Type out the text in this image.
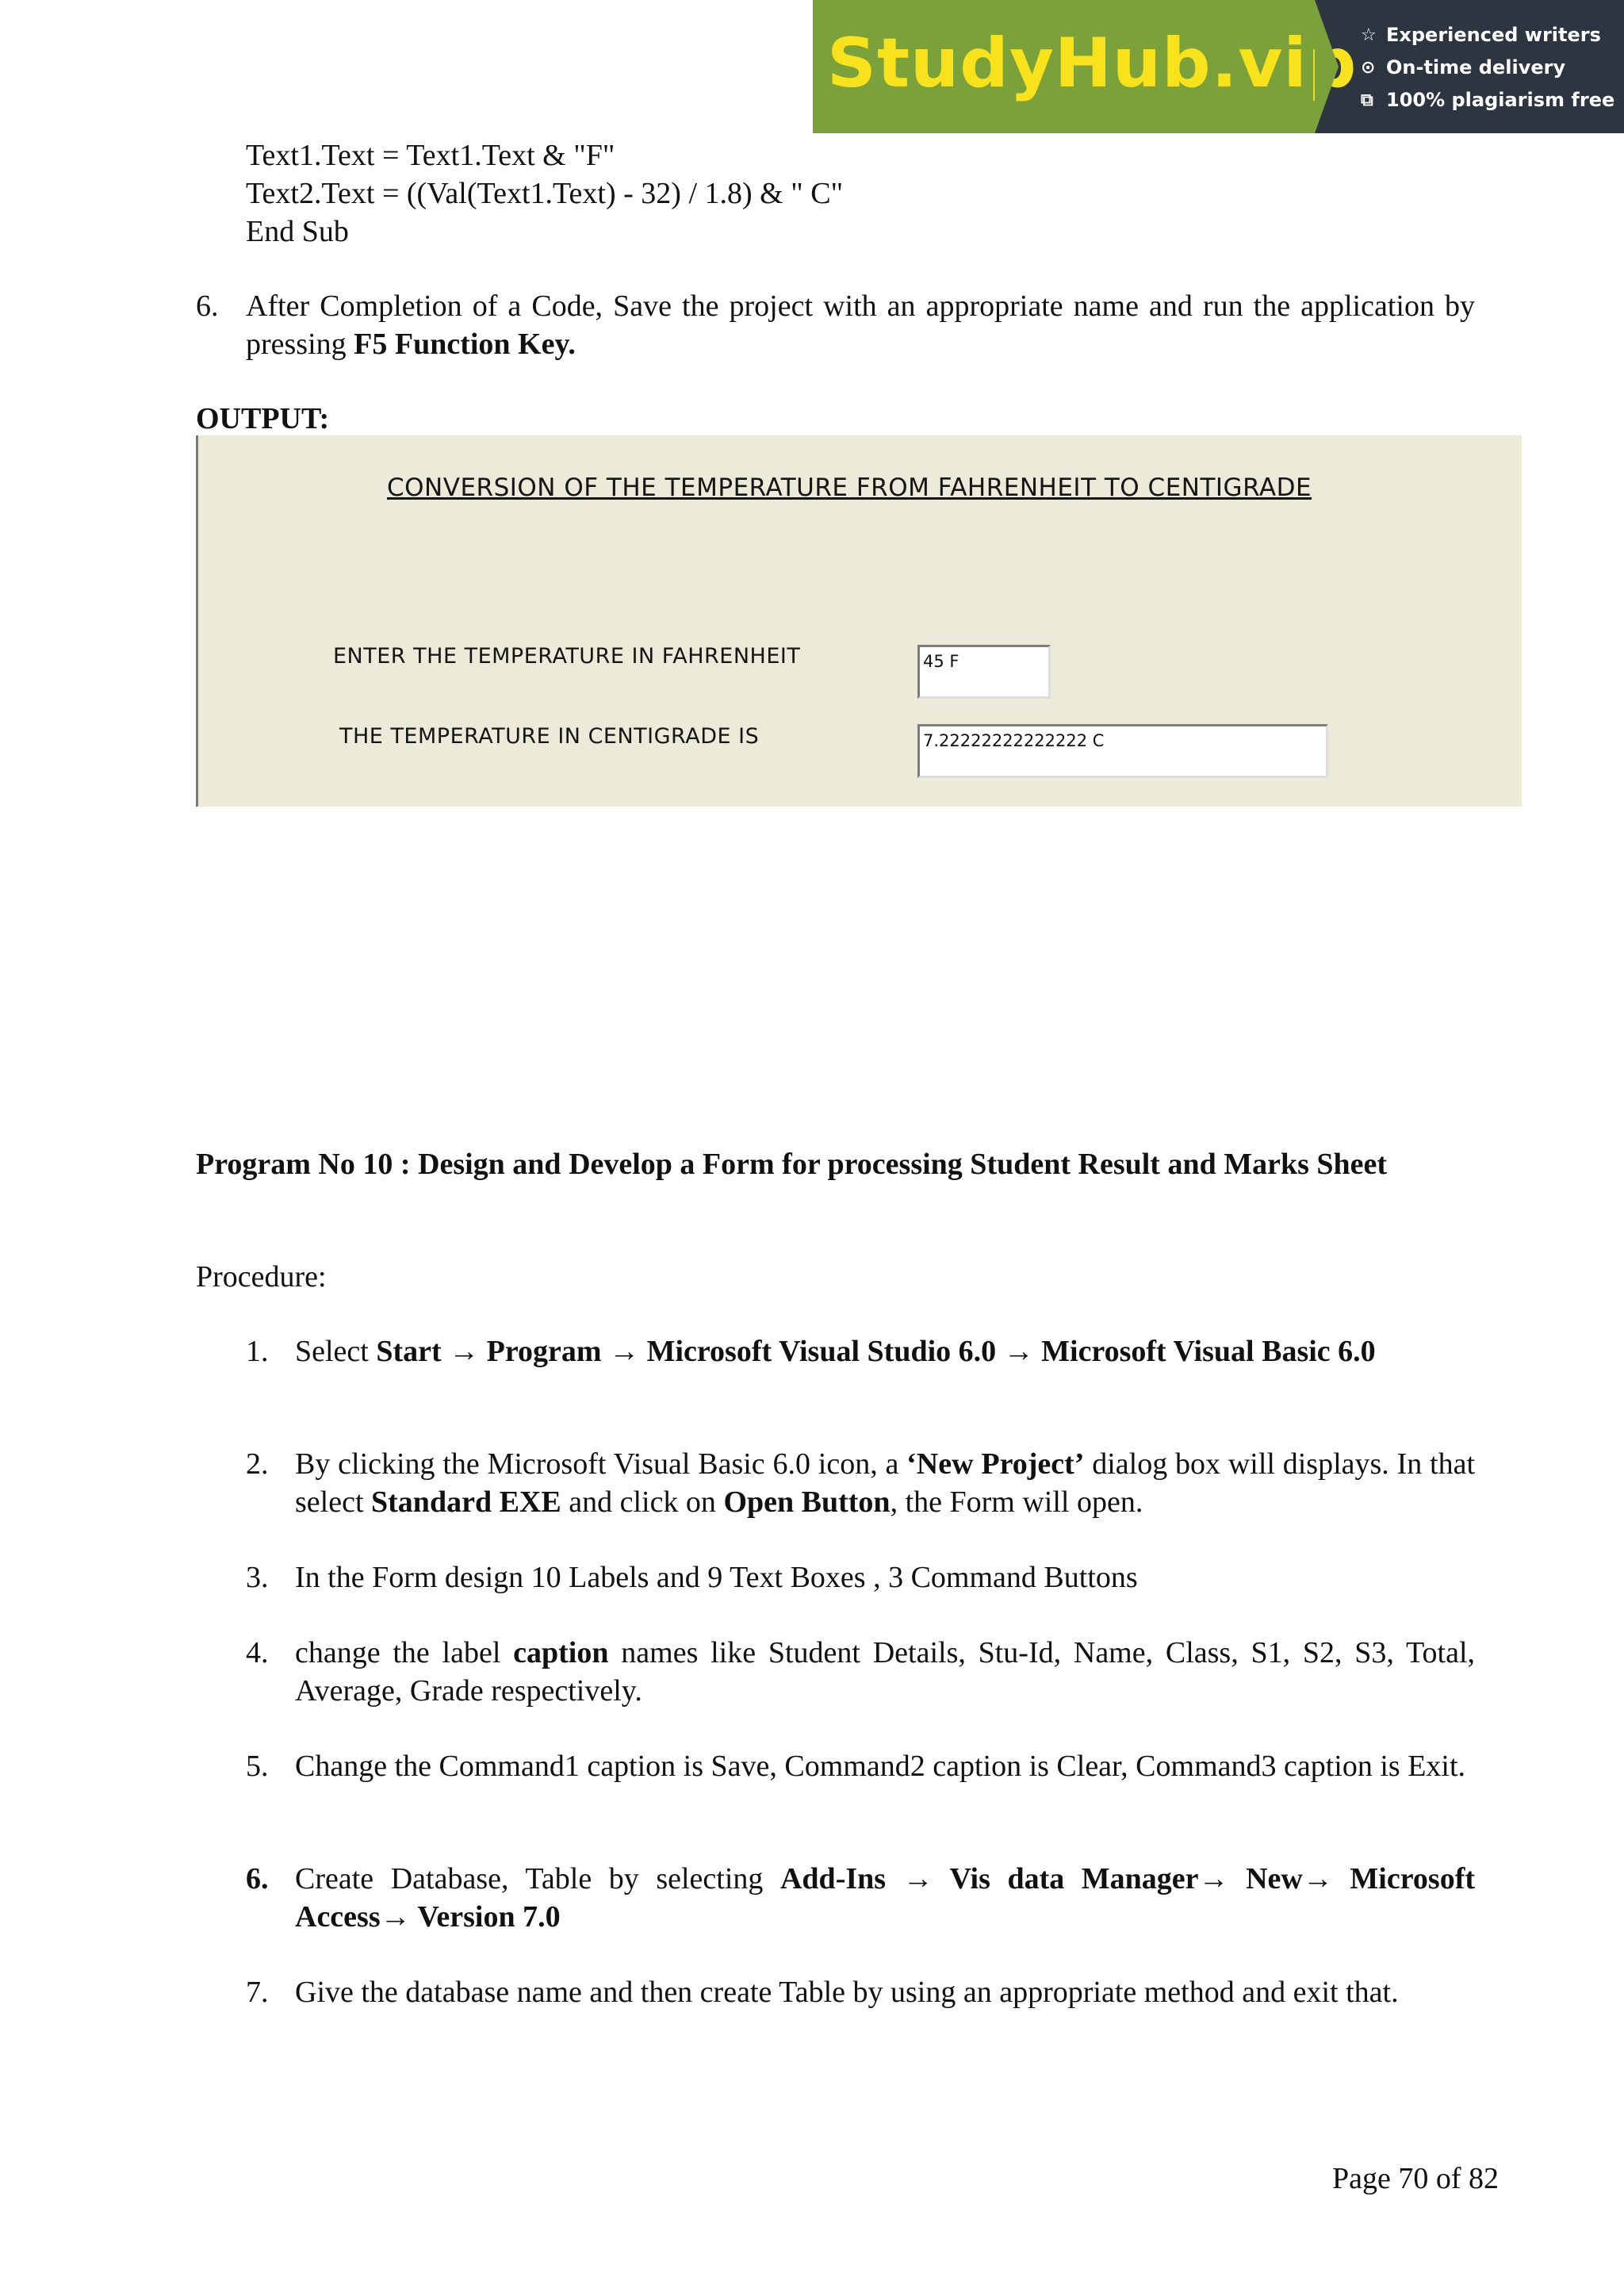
StudyHub.vip ☆ Experienced writers
⊙ On-time delivery
⧉ 100% plagiarism free
Text1.Text = Text1.Text & "F"
Text2.Text = ((Val(Text1.Text) - 32) / 1.8) & " C"
End Sub
6. After Completion of a Code, Save the project with an appropriate name and run the application by pressing F5 Function Key.
OUTPUT:
CONVERSION OF THE TEMPERATURE FROM FAHRENHEIT TO CENTIGRADE
ENTER THE TEMPERATURE IN FAHRENHEIT
THE TEMPERATURE IN CENTIGRADE IS
45 F
7.22222222222222 C
Program No 10 : Design and Develop a Form for processing Student Result and Marks Sheet
Procedure:
1. Select Start → Program → Microsoft Visual Studio 6.0 → Microsoft Visual Basic 6.0
2. By clicking the Microsoft Visual Basic 6.0 icon, a ‘New Project’ dialog box will displays. In that select Standard EXE and click on Open Button, the Form will open.
3. In the Form design 10 Labels and 9 Text Boxes , 3 Command Buttons
4. change the label caption names like Student Details, Stu-Id, Name, Class, S1, S2, S3, Total, Average, Grade respectively.
5. Change the Command1 caption is Save, Command2 caption is Clear, Command3 caption is Exit.
6. Create Database, Table by selecting Add-Ins → Vis data Manager→ New→ Microsoft Access→ Version 7.0
7. Give the database name and then create Table by using an appropriate method and exit that.
Page 70 of 82
